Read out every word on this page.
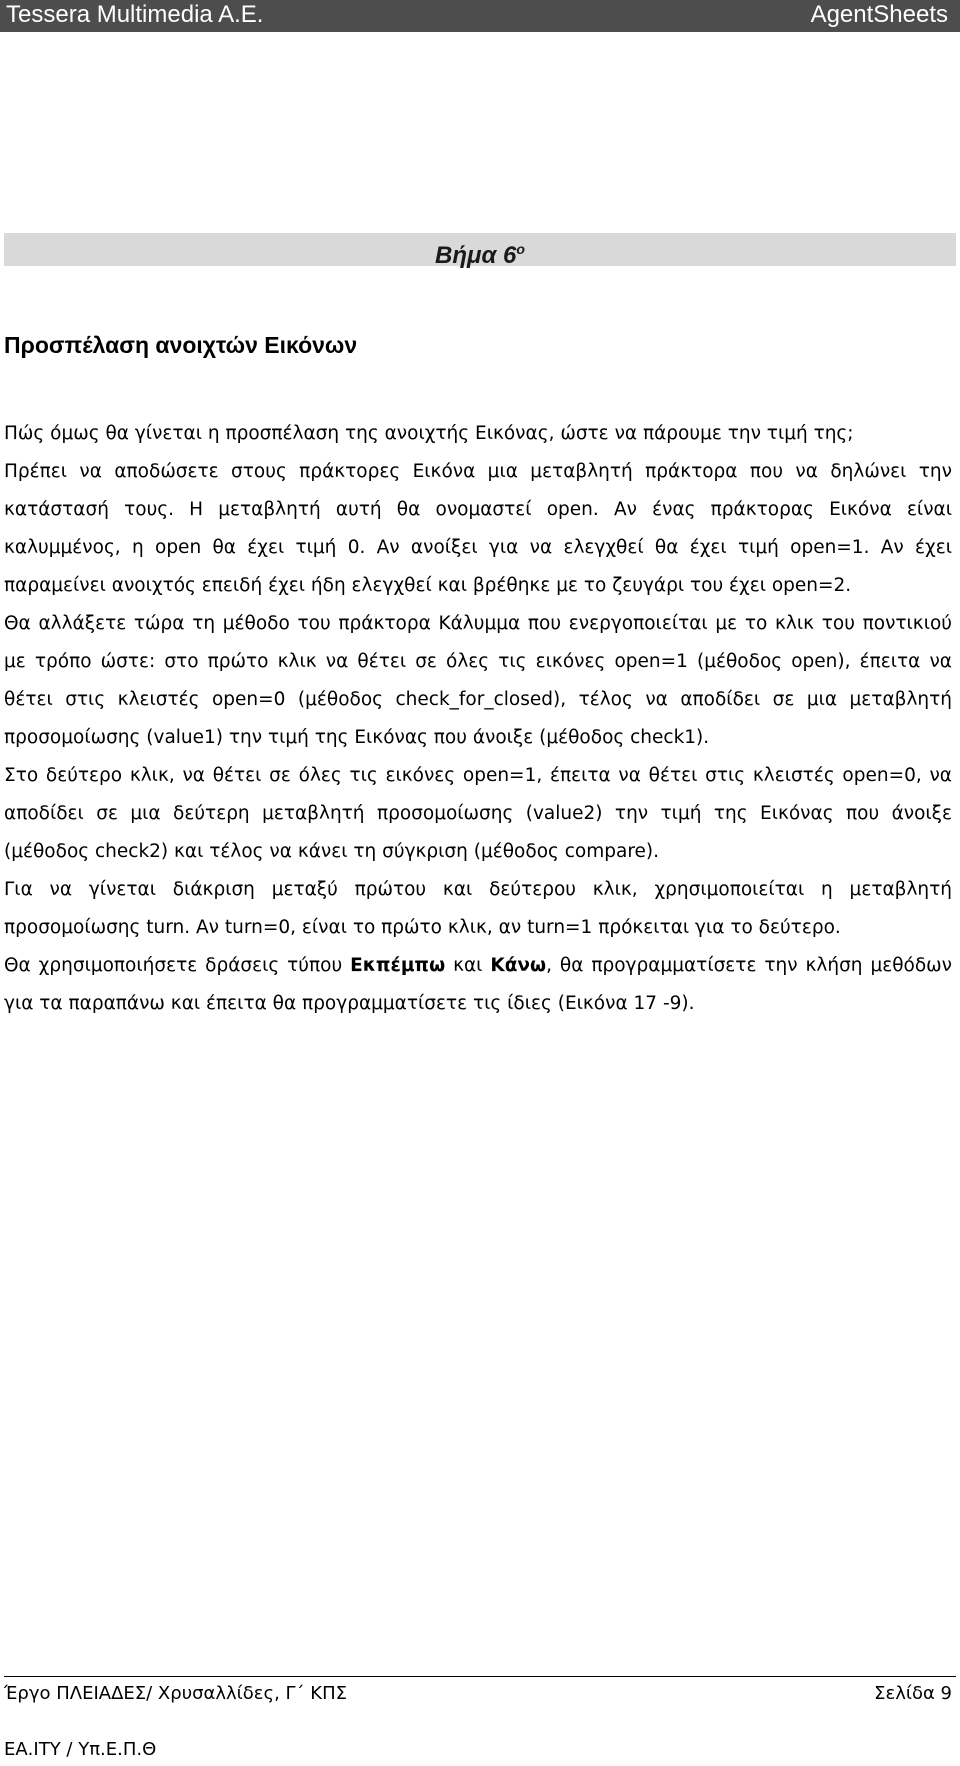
Tessera Multimedia A.E.	AgentSheets
Βήμα $6^o$
Προσπέλαση ανοιχτών Εικόνων

Πώς όμως θα γίνεται η προσπέλαση της ανοιχτής Εικόνας, ώστε να πάρουμε την τιμή της;

Πρέπει να αποδώσετε στους πράκτορες Εικόνα μια μεταβλητή πράκτορα που να δηλώνει την κατάστασή τους. Η μεταβλητή αυτή θα ονομαστεί open. Αν ένας πράκτορας Εικόνα είναι καλυμμένος, η open θα έχει τιμή 0. Αν ανοίξει για να ελεγχθεί θα έχει τιμή open=1. Αν έχει παραμείνει ανοιχτός επειδή έχει ήδη ελεγχθεί και βρέθηκε με το ζευγάρι του έχει open=2.

Θα αλλάξετε τώρα τη μέθοδο του πράκτορα Κάλυμμα που ενεργοποιείται με το κλικ του ποντικιού με τρόπο ώστε: στο πρώτο κλικ να θέτει σε όλες τις εικόνες open=1 (μέθοδος open), έπειτα να θέτει στις κλειστές open=0 (μέθοδος check_for_closed), τέλος να αποδίδει σε μια μεταβλητή προσομοίωσης (value1) την τιμή της Εικόνας που άνοιξε (μέθοδος check1).

Στο δεύτερο κλικ, να θέτει σε όλες τις εικόνες open=1, έπειτα να θέτει στις κλειστές open=0, να αποδίδει σε μια δεύτερη μεταβλητή προσομοίωσης (value2) την τιμή της Εικόνας που άνοιξε (μέθοδος check2) και τέλος να κάνει τη σύγκριση (μέθοδος compare).

Για να γίνεται διάκριση μεταξύ πρώτου και δεύτερου κλικ, χρησιμοποιείται η μεταβλητή προσομοίωσης turn. Αν turn=0, είναι το πρώτο κλικ, αν turn=1 πρόκειται για το δεύτερο.

Θα χρησιμοποιήσετε δράσεις τύπου Εκπέμπω και Κάνω, θα προγραμματίσετε την κλήση μεθόδων για τα παραπάνω και έπειτα θα προγραμματίσετε τις ίδιες (Εικόνα 17 -9).

Έργο ΠΛΕΙΑΔΕΣ/ Χρυσαλλίδες, Γ΄ ΚΠΣ	Σελίδα 9
ΕΑ.ΙΤΥ / Υπ.Ε.Π.Θ
